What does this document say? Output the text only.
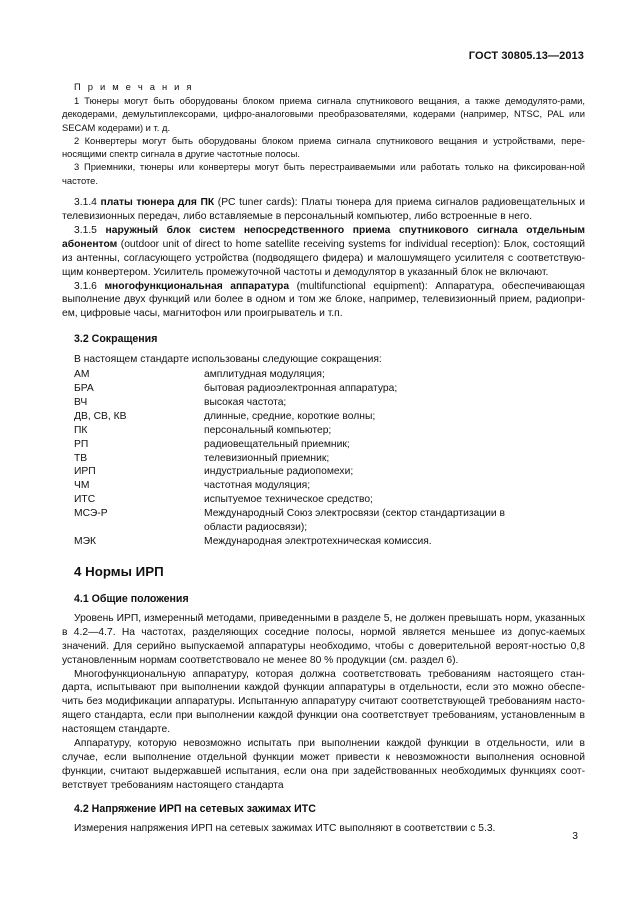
ГОСТ 30805.13—2013
П р и м е ч а н и я

1 Тюнеры могут быть оборудованы блоком приема сигнала спутникового вещания, а также демодулято-рами, декодерами, демультиплексорами, цифро-аналоговыми преобразователями, кодерами (например, NTSC, PAL или SECAM кодерами) и т. д.

2 Конвертеры могут быть оборудованы блоком приема сигнала спутникового вещания и устройствами, пере-носящими спектр сигнала в другие частотные полосы.

3 Приемники, тюнеры или конвертеры могут быть перестраиваемыми или работать только на фиксирован-ной частоте.

3.1.4 платы тюнера для ПК (PC tuner cards): Платы тюнера для приема сигналов радиовещательных и телевизионных передач, либо вставляемые в персональный компьютер, либо встроенные в него.

3.1.5 наружный блок систем непосредственного приема спутникового сигнала отдельным абонентом (outdoor unit of direct to home satellite receiving systems for individual reception): Блок, состоящий из антенны, согласующего устройства (подводящего фидера) и малошумящего усилителя с соответствую-щим конвертером. Усилитель промежуточной частоты и демодулятор в указанный блок не включают.

3.1.6 многофункциональная аппаратура (multifunctional equipment): Аппаратура, обеспечивающая выполнение двух функций или более в одном и том же блоке, например, телевизионный прием, радиопри-ем, цифровые часы, магнитофон или проигрыватель и т.п.

3.2 Сокращения
В настоящем стандарте использованы следующие сокращения:
АМ	амплитудная модуляция;
БРА	бытовая радиоэлектронная аппаратура;
ВЧ	высокая частота;
ДВ, СВ, КВ	длинные, средние, короткие волны;
ПК	персональный компьютер;
РП	радиовещательный приемник;
ТВ	телевизионный приемник;
ИРП	индустриальные радиопомехи;
ЧМ	частотная модуляция;
ИТС	испытуемое техническое средство;
МСЭ-Р	Международный Союз электросвязи (сектор стандартизации в области радиосвязи);
МЭК	Международная электротехническая комиссия.
4 Нормы ИРП
4.1 Общие положения

Уровень ИРП, измеренный методами, приведенными в разделе 5, не должен превышать норм, указанных в 4.2—4.7. На частотах, разделяющих соседние полосы, нормой является меньшее из допус-каемых значений. Для серийно выпускаемой аппаратуры необходимо, чтобы с доверительной вероят-ностью 0,8 установленным нормам соответствовало не менее 80 % продукции (см. раздел 6).

Многофункциональную аппаратуру, которая должна соответствовать требованиям настоящего стан-дарта, испытывают при выполнении каждой функции аппаратуры в отдельности, если это можно обеспе-чить без модификации аппаратуры. Испытанную аппаратуру считают соответствующей требованиям насто-ящего стандарта, если при выполнении каждой функции она соответствует требованиям, установленным в настоящем стандарте.

Аппаратуру, которую невозможно испытать при выполнении каждой функции в отдельности, или в случае, если выполнение отдельной функции может привести к невозможности выполнения основной функции, считают выдержавшей испытания, если она при задействованных необходимых функциях соот-ветствует требованиям настоящего стандарта

4.2 Напряжение ИРП на сетевых зажимах ИТС

Измерения напряжения ИРП на сетевых зажимах ИТС выполняют в соответствии с 5.3.

3
